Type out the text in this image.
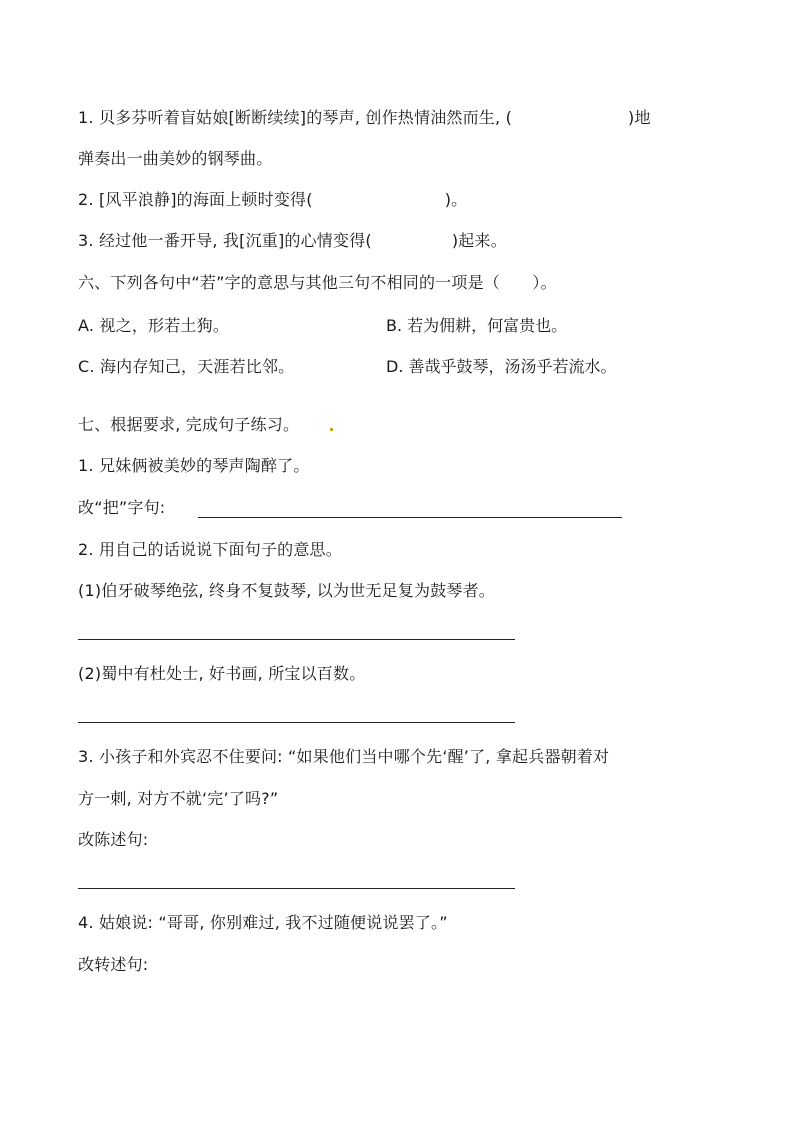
1. 贝多芬听着盲姑娘[断断续续]的琴声, 创作热情油然而生, (	)地
弹奏出一曲美妙的钢琴曲。
2. [风平浪静]的海面上顿时变得(	)。
3. 经过他一番开导, 我[沉重]的心情变得(	)起来。
六、下列各句中“若”字的意思与其他三句不相同的一项是（　　）。
A. 视之，形若土狗。	B. 若为佣耕，何富贵也。
C. 海内存知己，天涯若比邻。	D. 善哉乎鼓琴，汤汤乎若流水。
七、根据要求, 完成句子练习。
1. 兄妹俩被美妙的琴声陶醉了。
改“把”字句:
2. 用自己的话说说下面句子的意思。
(1)伯牙破琴绝弦, 终身不复鼓琴, 以为世无足复为鼓琴者。
(2)蜀中有杜处士, 好书画, 所宝以百数。
3. 小孩子和外宾忍不住要问: “如果他们当中哪个先‘醒’了, 拿起兵器朝着对
方一刺, 对方不就‘完’了吗?”
改陈述句:
4. 姑娘说: “哥哥, 你别难过, 我不过随便说说罢了。”
改转述句:
